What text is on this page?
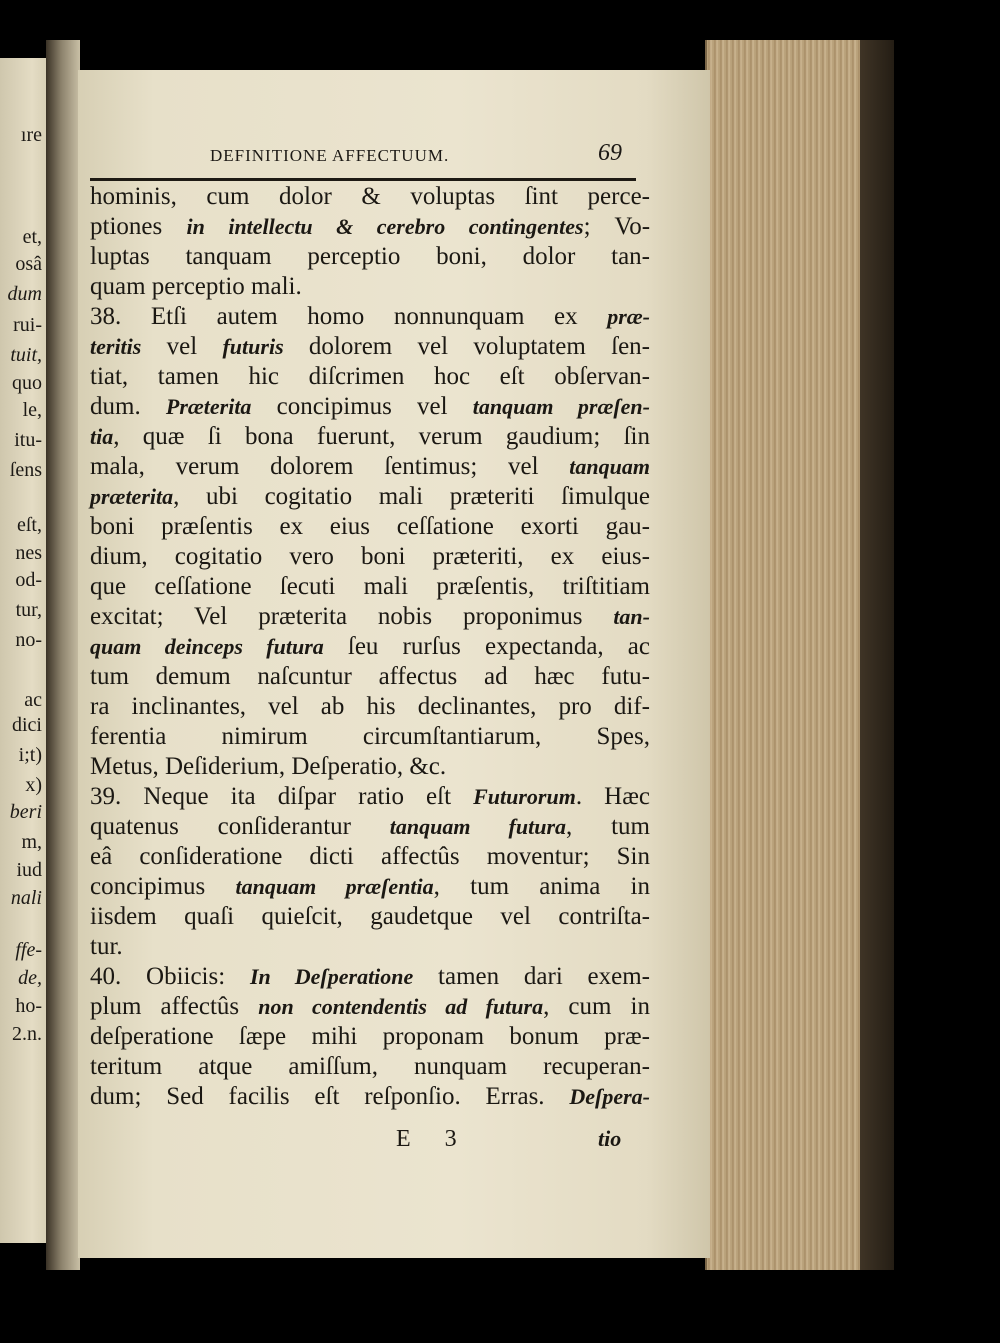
ıre
et,
osâ
dum
rui-
tuit,
quo
le,
itu-
ſens
eſt,
nes
od-
tur,
no-
ac
dici
i;t)
x)
beri
m,
iud
nali
ffe-
de,
ho-
2.n.
DEFINITIONE AFFECTUUM.	69
hominis, cum dolor & voluptas ſint perce-
ptiones in intellectu & cerebro contingentes; Vo-
luptas tanquam perceptio boni, dolor tan-
quam perceptio mali.
38. Etſi autem homo nonnunquam ex præ-
teritis vel futuris dolorem vel voluptatem ſen-
tiat, tamen hic diſcrimen hoc eſt obſervan-
dum. Præterita concipimus vel tanquam præſen-
tia, quæ ſi bona fuerunt, verum gaudium; ſin
mala, verum dolorem ſentimus; vel tanquam
præterita, ubi cogitatio mali præteriti ſimulque
boni præſentis ex eius ceſſatione exorti gau-
dium, cogitatio vero boni præteriti, ex eius-
que ceſſatione ſecuti mali præſentis, triſtitiam
excitat; Vel præterita nobis proponimus tan-
quam deinceps futura ſeu rurſus expectanda, ac
tum demum naſcuntur affectus ad hæc futu-
ra inclinantes, vel ab his declinantes, pro dif-
ferentia nimirum circumſtantiarum, Spes,
Metus, Deſiderium, Deſperatio, &c.
39. Neque ita diſpar ratio eſt Futurorum. Hæc
quatenus conſiderantur tanquam futura, tum
eâ conſideratione dicti affectûs moventur; Sin
concipimus tanquam præſentia, tum anima in
iisdem quaſi quieſcit, gaudetque vel contriſta-
tur.
40. Obiicis: In Deſperatione tamen dari exem-
plum affectûs non contendentis ad futura, cum in
deſperatione ſæpe mihi proponam bonum præ-
teritum atque amiſſum, nunquam recuperan-
dum; Sed facilis eſt reſponſio. Erras. Deſpera-
E 3	tio
